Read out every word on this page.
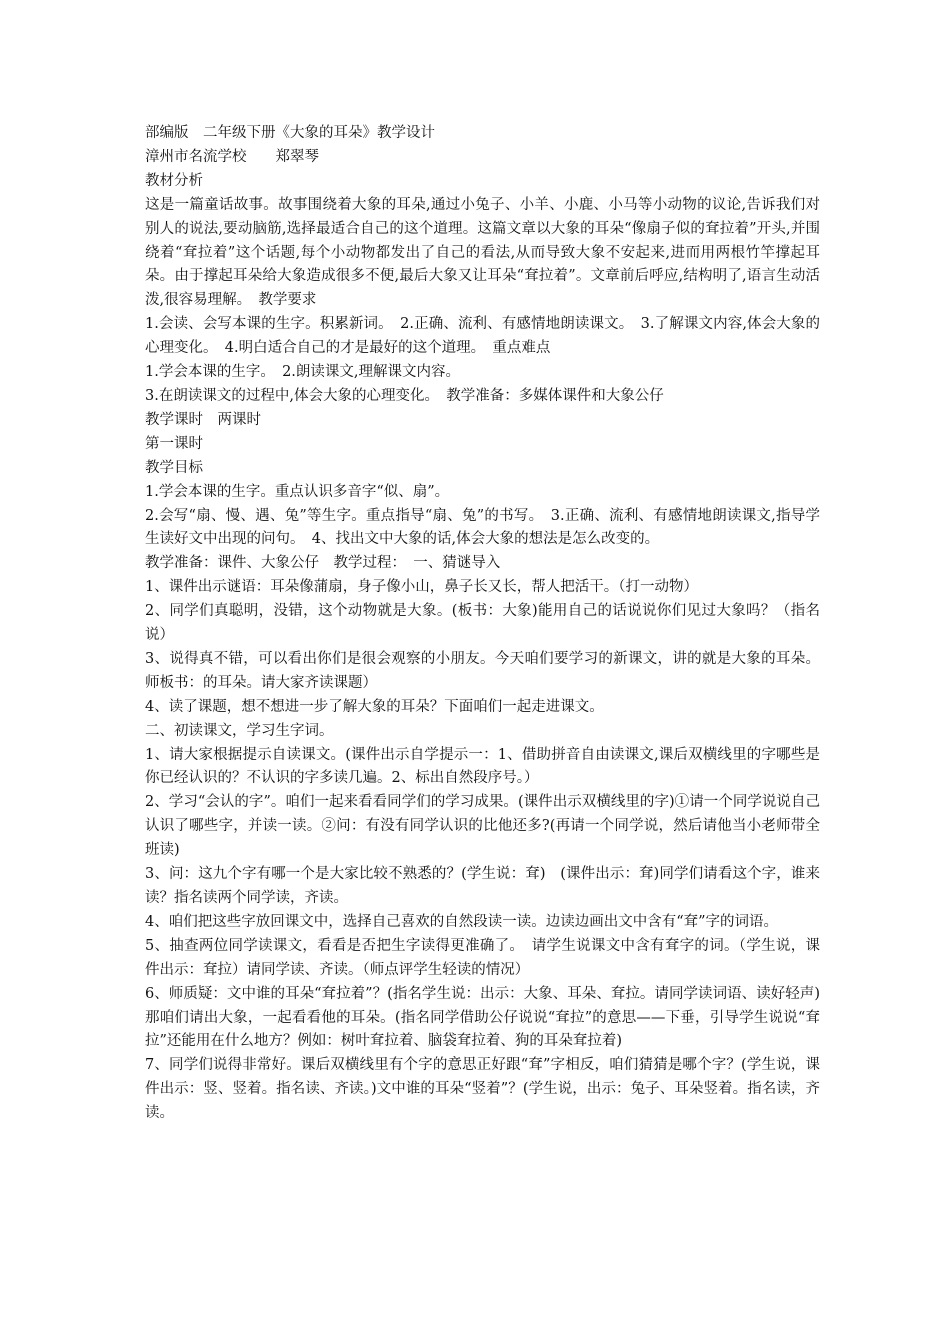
部编版　二年级下册《大象的耳朵》教学设计

漳州市名流学校　　郑翠琴

教材分析

这是一篇童话故事。故事围绕着大象的耳朵,通过小兔子、小羊、小鹿、小马等小动物的议论,告诉我们对别人的说法,要动脑筋,选择最适合自己的这个道理。这篇文章以大象的耳朵“像扇子似的耷拉着”开头,并围绕着“耷拉着”这个话题,每个小动物都发出了自己的看法,从而导致大象不安起来,进而用两根竹竿撑起耳朵。由于撑起耳朵给大象造成很多不便,最后大象又让耳朵“耷拉着”。文章前后呼应,结构明了,语言生动活泼,很容易理解。　教学要求

1.会读、会写本课的生字。积累新词。　2.正确、流利、有感情地朗读课文。　3.了解课文内容,体会大象的心理变化。　4.明白适合自己的才是最好的这个道理。　重点难点

1.学会本课的生字。　2.朗读课文,理解课文内容。

3.在朗读课文的过程中,体会大象的心理变化。　教学准备：多媒体课件和大象公仔

教学课时　两课时

第一课时

教学目标

1.学会本课的生字。重点认识多音字“似、扇”。

2.会写“扇、慢、遇、兔”等生字。重点指导“扇、兔”的书写。　3.正确、流利、有感情地朗读课文,指导学生读好文中出现的问句。　4、找出文中大象的话,体会大象的想法是怎么改变的。

教学准备：课件、大象公仔　教学过程：　一、猜谜导入

1、课件出示谜语：耳朵像蒲扇，身子像小山，鼻子长又长，帮人把活干。（打一动物）

2、同学们真聪明，没错，这个动物就是大象。(板书：大象)能用自己的话说说你们见过大象吗？（指名说）

3、说得真不错，可以看出你们是很会观察的小朋友。今天咱们要学习的新课文，讲的就是大象的耳朵。师板书：的耳朵。请大家齐读课题）

4、读了课题，想不想进一步了解大象的耳朵？下面咱们一起走进课文。

二、初读课文，学习生字词。

1、请大家根据提示自读课文。(课件出示自学提示一：1、借助拼音自由读课文,课后双横线里的字哪些是你已经认识的？不认识的字多读几遍。2、标出自然段序号。）

2、学习“会认的字”。咱们一起来看看同学们的学习成果。(课件出示双横线里的字)①请一个同学说说自己认识了哪些字，并读一读。②问：有没有同学认识的比他还多?(再请一个同学说，然后请他当小老师带全班读)

3、问：这九个字有哪一个是大家比较不熟悉的？(学生说：耷)　(课件出示：耷)同学们请看这个字，谁来读？指名读两个同学读，齐读。

4、咱们把这些字放回课文中，选择自己喜欢的自然段读一读。边读边画出文中含有“耷”字的词语。

5、抽查两位同学读课文，看看是否把生字读得更准确了。　请学生说课文中含有耷字的词。（学生说，课件出示：耷拉）请同学读、齐读。（师点评学生轻读的情况）

6、师质疑：文中谁的耳朵“耷拉着”？(指名学生说：出示：大象、耳朵、耷拉。请同学读词语、读好轻声)那咱们请出大象，一起看看他的耳朵。(指名同学借助公仔说说“耷拉”的意思——下垂，引导学生说说“耷拉”还能用在什么地方？例如：树叶耷拉着、脑袋耷拉着、狗的耳朵耷拉着)

7、同学们说得非常好。课后双横线里有个字的意思正好跟“耷”字相反，咱们猜猜是哪个字？(学生说，课件出示：竖、竖着。指名读、齐读。)文中谁的耳朵“竖着”？(学生说，出示：兔子、耳朵竖着。指名读，齐读。
